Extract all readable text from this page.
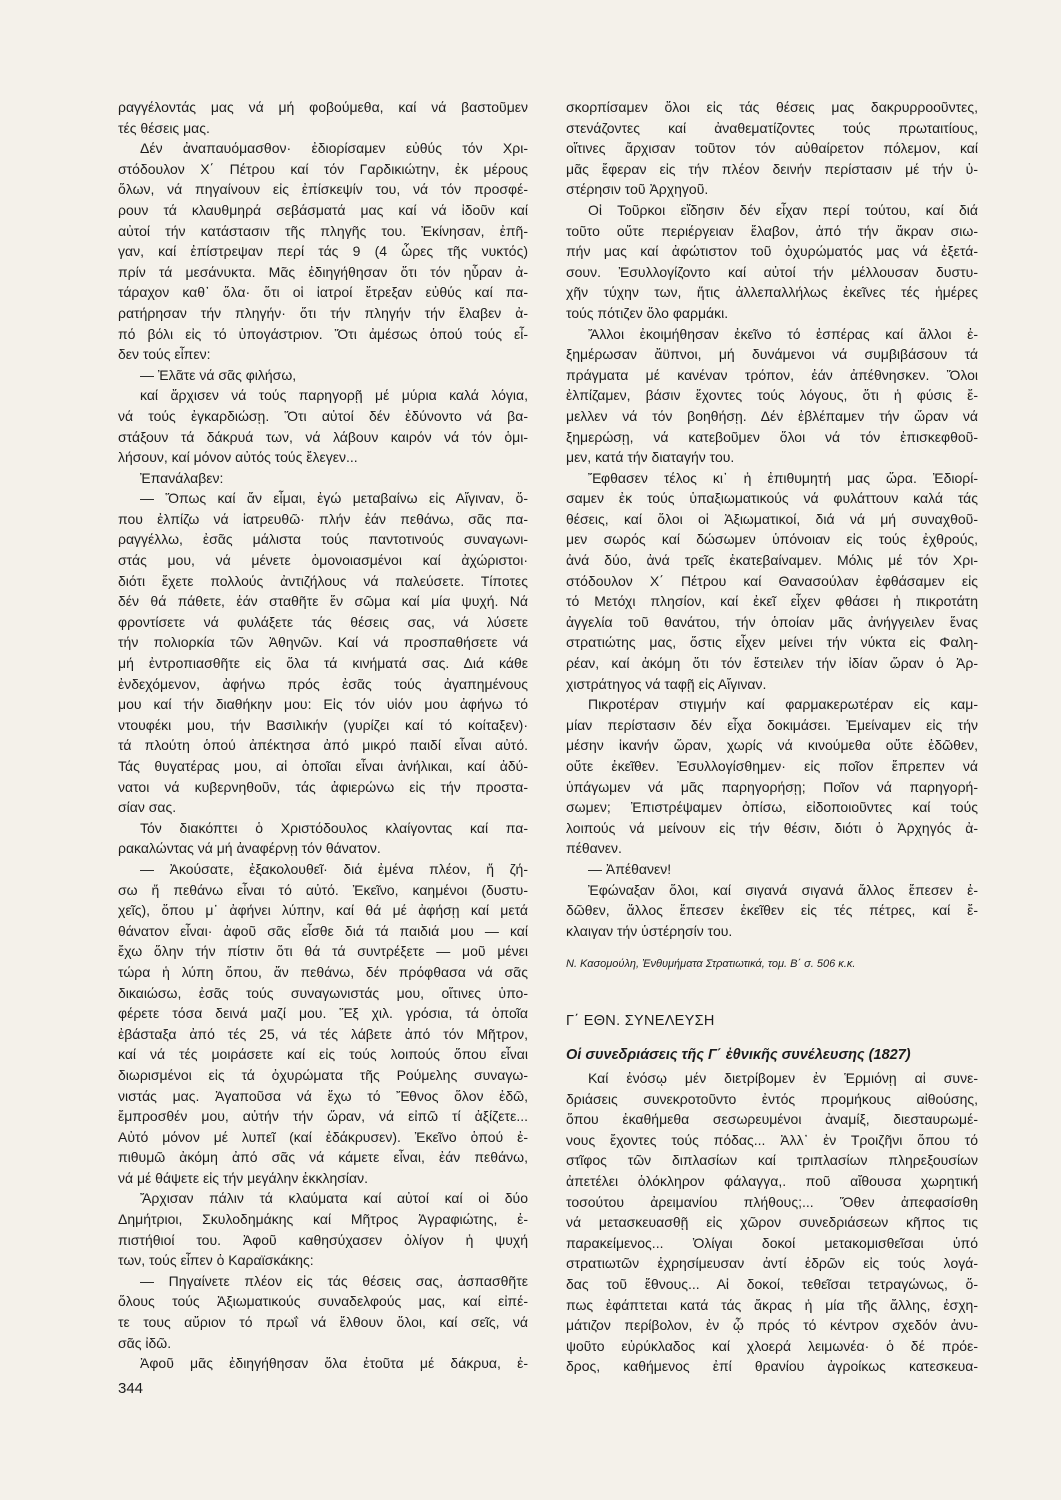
ραγγέλοντάς μας νά μή φοβούμεθα, καί νά βαστοῦμεν
τές θέσεις μας.
Δέν ἀναπαυόμασθον· ἐδιορίσαμεν εὐθύς τόν Χρι-
στόδουλον Χ΄ Πέτρου καί τόν Γαρδικιώτην, ἐκ μέρους
ὅλων, νά πηγαίνουν εἰς ἐπίσκεψίν του, νά τόν προσφέ-
ρουν τά κλαυθμηρά σεβάσματά μας καί νά ἰδοῦν καί
αὐτοί τήν κατάστασιν τῆς πληγῆς του. Ἐκίνησαν, ἐπῆ-
γαν, καί ἐπίστρεψαν περί τάς 9 (4 ὧρες τῆς νυκτός)
πρίν τά μεσάνυκτα. Μᾶς ἐδιηγήθησαν ὅτι τόν ηὗραν ἀ-
τάραχον καθ᾿ ὅλα· ὅτι οἱ ἰατροί ἔτρεξαν εὐθύς καί πα-
ρατήρησαν τήν πληγήν· ὅτι τήν πληγήν τήν ἔλαβεν ἀ-
πό βόλι εἰς τό ὑπογάστριον. Ὅτι ἀμέσως ὁπού τούς εἶ-
δεν τούς εἶπεν:
— Ἐλᾶτε νά σᾶς φιλήσω,
καί ἄρχισεν νά τούς παρηγορῇ μέ μύρια καλά λόγια,
νά τούς ἐγκαρδιώσῃ. Ὅτι αὐτοί δέν ἐδύνοντο νά βα-
στάξουν τά δάκρυά των, νά λάβουν καιρόν νά τόν ὁμι-
λήσουν, καί μόνον αὐτός τούς ἔλεγεν...
Ἐπανάλαβεν:
— Ὅπως καί ἄν εἶμαι, ἐγώ μεταβαίνω εἰς Αἴγιναν, ὅ-
που ἐλπίζω νά ἰατρευθῶ· πλήν ἐάν πεθάνω, σᾶς πα-
ραγγέλλω, ἐσᾶς μάλιστα τούς παντοτινούς συναγωνι-
στάς μου, νά μένετε ὁμονοιασμένοι καί ἀχώριστοι·
διότι ἔχετε πολλούς ἀντιζήλους νά παλεύσετε. Τίποτες
δέν θά πάθετε, ἐάν σταθῆτε ἕν σῶμα καί μία ψυχή. Νά
φροντίσετε νά φυλάξετε τάς θέσεις σας, νά λύσετε
τήν πολιορκία τῶν Ἀθηνῶν. Καί νά προσπαθήσετε νά
μή ἐντροπιασθῆτε εἰς ὅλα τά κινήματά σας. Διά κάθε
ἐνδεχόμενον, ἀφήνω πρός ἐσᾶς τούς ἀγαπημένους
μου καί τήν διαθήκην μου: Εἰς τόν υἱόν μου ἀφήνω τό
ντουφέκι μου, τήν Βασιλικήν (γυρίζει καί τό κοίταξεν)·
τά πλούτη ὁπού ἀπέκτησα ἀπό μικρό παιδί εἶναι αὐτό.
Τάς θυγατέρας μου, αἱ ὁποῖαι εἶναι ἀνήλικαι, καί ἀδύ-
νατοι νά κυβερνηθοῦν, τάς ἀφιερώνω εἰς τήν προστα-
σίαν σας.
Τόν διακόπτει ὁ Χριστόδουλος κλαίγοντας καί πα-
ρακαλώντας νά μή ἀναφέρνῃ τόν θάνατον.
— Ἀκούσατε, ἐξακολουθεῖ· διά ἐμένα πλέον, ἤ ζή-
σω ἤ πεθάνω εἶναι τό αὐτό. Ἐκεῖνο, καημένοι (δυστυ-
χεῖς), ὅπου μ᾿ ἀφήνει λύπην, καί θά μέ ἀφήσῃ καί μετά
θάνατον εἶναι· ἀφοῦ σᾶς εἶσθε διά τά παιδιά μου — καί
ἔχω ὅλην τήν πίστιν ὅτι θά τά συντρέξετε — μοῦ μένει
τώρα ἡ λύπη ὅπου, ἄν πεθάνω, δέν πρόφθασα νά σᾶς
δικαιώσω, ἐσᾶς τούς συναγωνιστάς μου, οἵτινες ὑπο-
φέρετε τόσα δεινά μαζί μου. Ἕξ χιλ. γρόσια, τά ὁποῖα
ἐβάσταξα ἀπό τές 25, νά τές λάβετε ἀπό τόν Μῆτρον,
καί νά τές μοιράσετε καί εἰς τούς λοιπούς ὅπου εἶναι
διωρισμένοι εἰς τά ὀχυρώματα τῆς Ρούμελης συναγω-
νιστάς μας. Ἀγαποῦσα νά ἔχω τό Ἔθνος ὅλον ἐδῶ,
ἔμπροσθέν μου, αὐτήν τήν ὥραν, νά εἰπῶ τί ἀξίζετε...
Αὐτό μόνον μέ λυπεῖ (καί ἐδάκρυσεν). Ἐκεῖνο ὁπού ἐ-
πιθυμῶ ἀκόμη ἀπό σᾶς νά κάμετε εἶναι, ἐάν πεθάνω,
νά μέ θάψετε εἰς τήν μεγάλην ἐκκλησίαν.
Ἄρχισαν πάλιν τά κλαύματα καί αὐτοί καί οἱ δύο
Δημήτριοι, Σκυλοδημάκης καί Μῆτρος Ἀγραφιώτης, ἐ-
πιστήθιοί του. Ἀφοῦ καθησύχασεν ὀλίγον ἡ ψυχή
των, τούς εἶπεν ὁ Καραϊσκάκης:
— Πηγαίνετε πλέον εἰς τάς θέσεις σας, ἀσπασθῆτε
ὅλους τούς Ἀξιωματικούς συναδελφούς μας, καί εἰπέ-
τε τους αὔριον τό πρωΐ νά ἔλθουν ὅλοι, καί σεῖς, νά
σᾶς ἰδῶ.
Ἀφοῦ μᾶς ἐδιηγήθησαν ὅλα ἐτοῦτα μέ δάκρυα, ἐ-
σκορπίσαμεν ὅλοι εἰς τάς θέσεις μας δακρυρροοῦντες,
στενάζοντες καί ἀναθεματίζοντες τούς πρωταιτίους,
οἵτινες ἄρχισαν τοῦτον τόν αὐθαίρετον πόλεμον, καί
μᾶς ἔφεραν εἰς τήν πλέον δεινήν περίστασιν μέ τήν ὑ-
στέρησιν τοῦ Ἀρχηγοῦ.
Οἱ Τοῦρκοι εἴδησιν δέν εἶχαν περί τούτου, καί διά
τοῦτο οὔτε περιέργειαν ἔλαβον, ἀπό τήν ἄκραν σιω-
πήν μας καί ἀφώτιστον τοῦ ὀχυρώματός μας νά ἐξετά-
σουν. Ἐσυλλογίζοντο καί αὐτοί τήν μέλλουσαν δυστυ-
χῆν τύχην των, ἥτις ἀλλεπαλλήλως ἐκεῖνες τές ἡμέρες
τούς πότιζεν ὅλο φαρμάκι.
Ἄλλοι ἐκοιμήθησαν ἐκεῖνο τό ἑσπέρας καί ἄλλοι ἐ-
ξημέρωσαν ἄϋπνοι, μή δυνάμενοι νά συμβιβάσουν τά
πράγματα μέ κανέναν τρόπον, ἐάν ἀπέθνησκεν. Ὅλοι
ἐλπίζαμεν, βάσιν ἔχοντες τούς λόγους, ὅτι ἡ φύσις ἔ-
μελλεν νά τόν βοηθήσῃ. Δέν ἐβλέπαμεν τήν ὥραν νά
ξημερώσῃ, νά κατεβοῦμεν ὅλοι νά τόν ἐπισκεφθοῦ-
μεν, κατά τήν διαταγήν του.
Ἔφθασεν τέλος κι᾿ ἡ ἐπιθυμητή μας ὥρα. Ἐδιορί-
σαμεν ἐκ τούς ὑπαξιωματικούς νά φυλάττουν καλά τάς
θέσεις, καί ὅλοι οἱ Ἀξιωματικοί, διά νά μή συναχθοῦ-
μεν σωρός καί δώσωμεν ὑπόνοιαν εἰς τούς ἐχθρούς,
ἀνά δύο, ἀνά τρεῖς ἐκατεβαίναμεν. Μόλις μέ τόν Χρι-
στόδουλον Χ΄ Πέτρου καί Θανασούλαν ἐφθάσαμεν εἰς
τό Μετόχι πλησίον, καί ἐκεῖ εἶχεν φθάσει ἡ πικροτάτη
ἀγγελία τοῦ θανάτου, τήν ὁποίαν μᾶς ἀνήγγειλεν ἕνας
στρατιώτης μας, ὅστις εἶχεν μείνει τήν νύκτα εἰς Φαλη-
ρέαν, καί ἀκόμη ὅτι τόν ἔστειλεν τήν ἰδίαν ὥραν ὁ Ἀρ-
χιστράτηγος νά ταφῇ εἰς Αἴγιναν.
Πικροτέραν στιγμήν καί φαρμακερωτέραν εἰς καμ-
μίαν περίστασιν δέν εἶχα δοκιμάσει. Ἐμείναμεν εἰς τήν
μέσην ἱκανήν ὥραν, χωρίς νά κινούμεθα οὔτε ἐδῶθεν,
οὔτε ἐκεῖθεν. Ἐσυλλογίσθημεν· εἰς ποῖον ἔπρεπεν νά
ὑπάγωμεν νά μᾶς παρηγορήσῃ; Ποῖον νά παρηγορή-
σωμεν; Ἐπιστρέψαμεν ὀπίσω, εἰδοποιοῦντες καί τούς
λοιπούς νά μείνουν εἰς τήν θέσιν, διότι ὁ Ἀρχηγός ἀ-
πέθανεν.
— Ἀπέθανεν!
Ἐφώναξαν ὅλοι, καί σιγανά σιγανά ἄλλος ἔπεσεν ἐ-
δῶθεν, ἄλλος ἔπεσεν ἐκεῖθεν εἰς τές πέτρες, καί ἔ-
κλαιγαν τήν ὑστέρησίν του.
Ν. Κασομούλη, Ἐνθυμήματα Στρατιωτικά, τομ. Β΄ σ. 506 κ.κ.
Γ΄ ΕΘΝ. ΣΥΝΕΛΕΥΣΗ
Οἱ συνεδριάσεις τῆς Γ΄ ἐθνικῆς συνέλευσης (1827)
Καί ἐνόσῳ μέν διετρίβομεν ἐν Ἑρμιόνῃ αἱ συνε-
δριάσεις συνεκροτοῦντο ἐντός προμήκους αἰθούσης,
ὅπου ἐκαθήμεθα σεσωρευμένοι ἀναμίξ, διεσταυρωμέ-
νους ἔχοντες τούς πόδας... Ἀλλ᾿ ἐν Τροιζῆνι ὅπου τό
στῖφος τῶν διπλασίων καί τριπλασίων πληρεξουσίων
ἀπετέλει ὁλόκληρον φάλαγγα,. ποῦ αἴθουσα χωρητική
τοσούτου ἀρειμανίου πλήθους;... Ὅθεν ἀπεφασίσθη
νά μετασκευασθῇ εἰς χῶρον συνεδριάσεων κῆπος τις
παρακείμενος... Ὀλίγαι δοκοί μετακομισθεῖσαι ὑπό
στρατιωτῶν ἐχρησίμευσαν ἀντί ἑδρῶν εἰς τούς λογά-
δας τοῦ ἔθνους... Αἱ δοκοί, τεθεῖσαι τετραγώνως, ὅ-
πως ἐφάπτεται κατά τάς ἄκρας ἡ μία τῆς ἄλλης, ἐσχη-
μάτιζον περίβολον, ἐν ᾧ πρός τό κέντρον σχεδόν ἀνυ-
ψοῦτο εὐρύκλαδος καί χλοερά λειμωνέα· ὁ δέ πρόε-
δρος, καθήμενος ἐπί θρανίου ἀγροίκως κατεσκευα-
344
